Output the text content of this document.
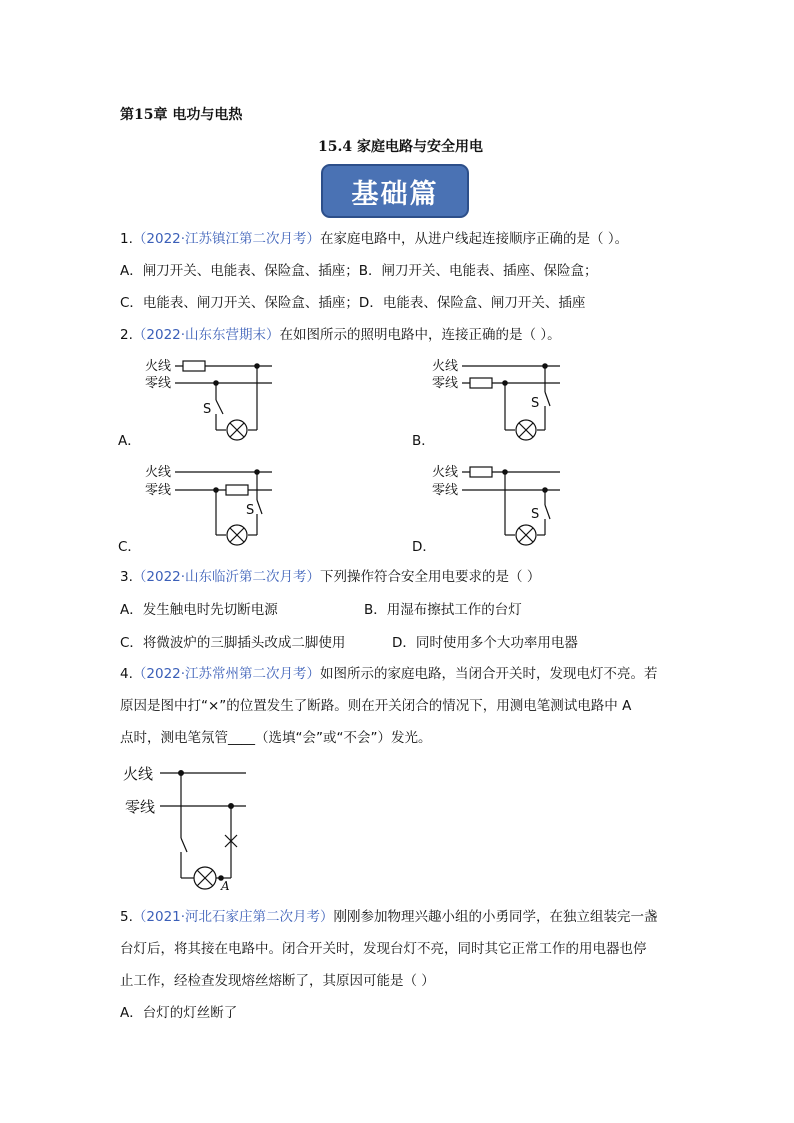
第15章 电功与电热
15.4 家庭电路与安全用电
基础篇
1.（2022·江苏镇江第二次月考）在家庭电路中，从进户线起连接顺序正确的是（ ）。
A．闸刀开关、电能表、保险盒、插座；B．闸刀开关、电能表、插座、保险盒；
C．电能表、闸刀开关、保险盒、插座；D．电能表、保险盒、闸刀开关、插座
2.（2022·山东东营期末）在如图所示的照明电路中，连接正确的是（ ）。
火线
零线
S
火线
零线
S
火线
零线
S
火线
零线
S
火线
零线
A
A．	B．
C．	D．
3.（2022·山东临沂第二次月考）下列操作符合安全用电要求的是（ ）
A．发生触电时先切断电源	B．用湿布擦拭工作的台灯
C．将微波炉的三脚插头改成二脚使用	D．同时使用多个大功率用电器
4.（2022·江苏常州第二次月考）如图所示的家庭电路，当闭合开关时，发现电灯不亮。若
原因是图中打“×”的位置发生了断路。则在开关闭合的情况下，用测电笔测试电路中 A
点时，测电笔氖管____（选填“会”或“不会”）发光。
5.（2021·河北石家庄第二次月考）刚刚参加物理兴趣小组的小勇同学，在独立组装完一盏
台灯后，将其接在电路中。闭合开关时，发现台灯不亮，同时其它正常工作的用电器也停
止工作，经检查发现熔丝熔断了，其原因可能是（ ）
A．台灯的灯丝断了
